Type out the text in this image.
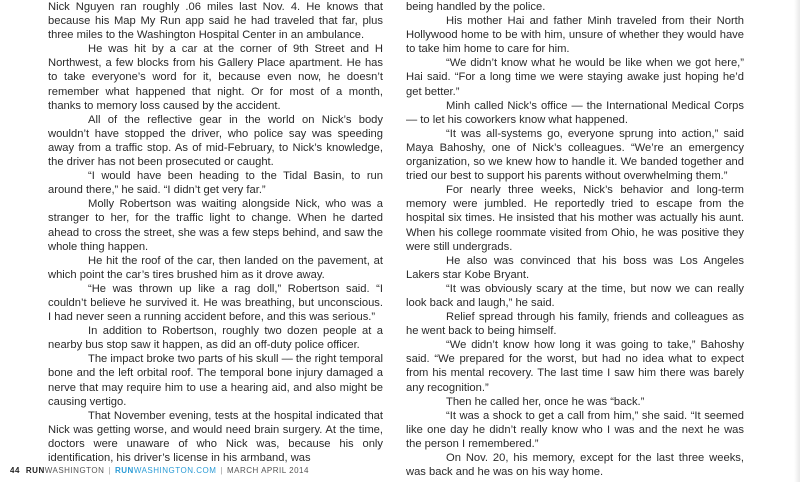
Nick Nguyen ran roughly .06 miles last Nov. 4. He knows that because his Map My Run app said he had traveled that far, plus three miles to the Washington Hospital Center in an ambulance.

He was hit by a car at the corner of 9th Street and H Northwest, a few blocks from his Gallery Place apartment. He has to take everyone’s word for it, because even now, he doesn’t remember what happened that night. Or for most of a month, thanks to memory loss caused by the accident.

All of the reflective gear in the world on Nick’s body wouldn’t have stopped the driver, who police say was speeding away from a traffic stop. As of mid-February, to Nick’s knowledge, the driver has not been prosecuted or caught.

“I would have been heading to the Tidal Basin, to run around there,” he said. “I didn’t get very far.”

Molly Robertson was waiting alongside Nick, who was a stranger to her, for the traffic light to change. When he darted ahead to cross the street, she was a few steps behind, and saw the whole thing happen.

He hit the roof of the car, then landed on the pavement, at which point the car’s tires brushed him as it drove away.

“He was thrown up like a rag doll,” Robertson said. “I couldn’t believe he survived it. He was breathing, but unconscious. I had never seen a running accident before, and this was serious.”

In addition to Robertson, roughly two dozen people at a nearby bus stop saw it happen, as did an off-duty police officer.

The impact broke two parts of his skull — the right temporal bone and the left orbital roof. The temporal bone injury damaged a nerve that may require him to use a hearing aid, and also might be causing vertigo.

That November evening, tests at the hospital indicated that Nick was getting worse, and would need brain surgery. At the time, doctors were unaware of who Nick was, because his only identification, his driver’s license in his armband, was

being handled by the police.

His mother Hai and father Minh traveled from their North Hollywood home to be with him, unsure of whether they would have to take him home to care for him.

“We didn’t know what he would be like when we got here,” Hai said. “For a long time we were staying awake just hoping he’d get better.”

Minh called Nick’s office — the International Medical Corps — to let his coworkers know what happened.

“It was all-systems go, everyone sprung into action,” said Maya Bahoshy, one of Nick’s colleagues. “We’re an emergency organization, so we knew how to handle it. We banded together and tried our best to support his parents without overwhelming them.”

For nearly three weeks, Nick’s behavior and long-term memory were jumbled. He reportedly tried to escape from the hospital six times. He insisted that his mother was actually his aunt. When his college roommate visited from Ohio, he was positive they were still undergrads.

He also was convinced that his boss was Los Angeles Lakers star Kobe Bryant.

“It was obviously scary at the time, but now we can really look back and laugh,” he said.

Relief spread through his family, friends and colleagues as he went back to being himself.

“We didn’t know how long it was going to take,” Bahoshy said. “We prepared for the worst, but had no idea what to expect from his mental recovery. The last time I saw him there was barely any recognition.”

Then he called her, once he was “back.”

“It was a shock to get a call from him,” she said. “It seemed like one day he didn’t really know who I was and the next he was the person I remembered.”

On Nov. 20, his memory, except for the last three weeks, was back and he was on his way home.

44 RUNWASHINGTON | RUNWASHINGTON.COM | MARCH APRIL 2014
